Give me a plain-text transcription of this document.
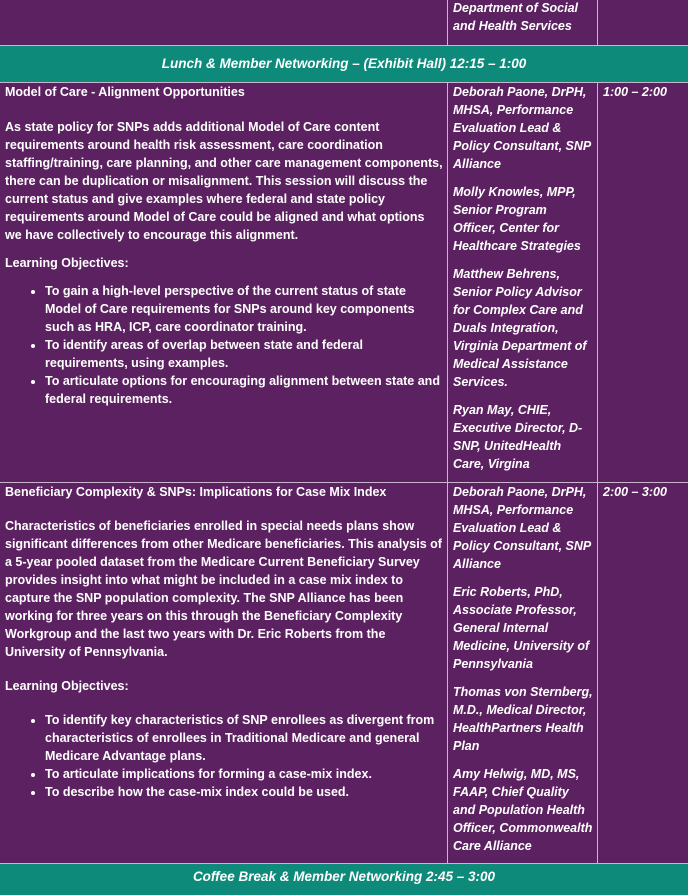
Department of Social and Health Services
Lunch & Member Networking – (Exhibit Hall) 12:15 – 1:00

Model of Care - Alignment Opportunities

As state policy for SNPs adds additional Model of Care content requirements around health risk assessment, care coordination staffing/training, care planning, and other care management components, there can be duplication or misalignment. This session will discuss the current status and give examples where federal and state policy requirements around Model of Care could be aligned and what options we have collectively to encourage this alignment.

Learning Objectives:

• To gain a high-level perspective of the current status of state Model of Care requirements for SNPs around key components such as HRA, ICP, care coordinator training.
• To identify areas of overlap between state and federal requirements, using examples.
• To articulate options for encouraging alignment between state and federal requirements.
Deborah Paone, DrPH, MHSA, Performance Evaluation Lead & Policy Consultant, SNP Alliance
Molly Knowles, MPP, Senior Program Officer, Center for Healthcare Strategies
Matthew Behrens, Senior Policy Advisor for Complex Care and Duals Integration, Virginia Department of Medical Assistance Services.
Ryan May, CHIE, Executive Director, D-SNP, UnitedHealth Care, Virgina
1:00 – 2:00

Beneficiary Complexity & SNPs: Implications for Case Mix Index

Characteristics of beneficiaries enrolled in special needs plans show significant differences from other Medicare beneficiaries. This analysis of a 5-year pooled dataset from the Medicare Current Beneficiary Survey provides insight into what might be included in a case mix index to capture the SNP population complexity. The SNP Alliance has been working for three years on this through the Beneficiary Complexity Workgroup and the last two years with Dr. Eric Roberts from the University of Pennsylvania.

Learning Objectives:

• To identify key characteristics of SNP enrollees as divergent from characteristics of enrollees in Traditional Medicare and general Medicare Advantage plans.
• To articulate implications for forming a case-mix index.
• To describe how the case-mix index could be used.
Deborah Paone, DrPH, MHSA, Performance Evaluation Lead & Policy Consultant, SNP Alliance
Eric Roberts, PhD, Associate Professor, General Internal Medicine, University of Pennsylvania
Thomas von Sternberg, M.D., Medical Director, HealthPartners Health Plan
Amy Helwig, MD, MS, FAAP, Chief Quality and Population Health Officer, Commonwealth Care Alliance
2:00 – 3:00
Coffee Break & Member Networking 2:45 – 3:00
